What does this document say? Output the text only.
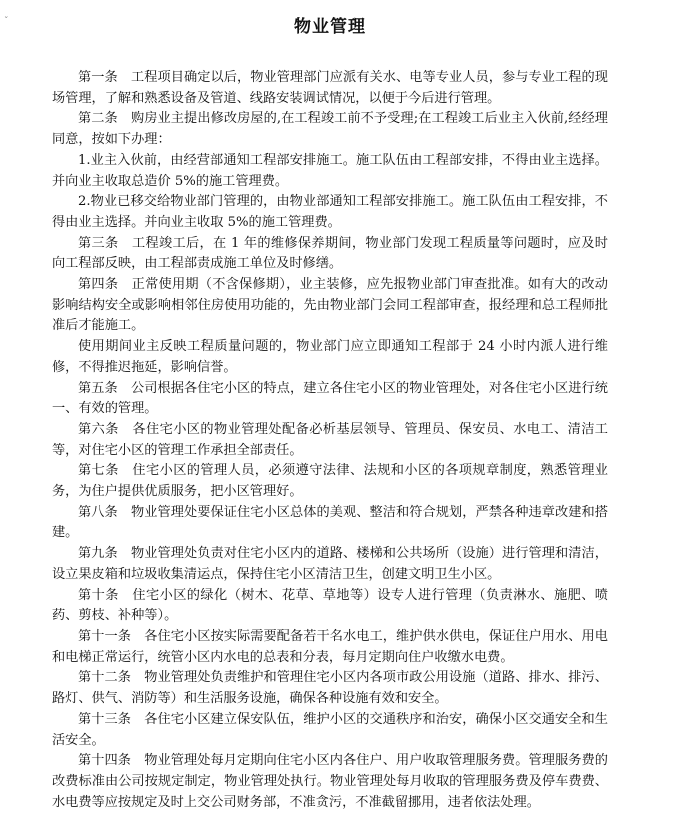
ˇ	物业管理

第一条　工程项目确定以后，物业管理部门应派有关水、电等专业人员，参与专业工程的现场管理，了解和熟悉设备及管道、线路安装调试情况，以便于今后进行管理。

第二条　购房业主提出修改房屋的,在工程竣工前不予受理;在工程竣工后业主入伙前,经经理同意，按如下办理：

1.业主入伙前，由经营部通知工程部安排施工。施工队伍由工程部安排，不得由业主选择。并向业主收取总造价 5%的施工管理费。

2.物业已移交给物业部门管理的，由物业部通知工程部安排施工。施工队伍由工程安排，不得由业主选择。并向业主收取 5%的施工管理费。

第三条　工程竣工后，在 1 年的维修保养期间，物业部门发现工程质量等问题时，应及时向工程部反映，由工程部责成施工单位及时修缮。

第四条　正常使用期（不含保修期），业主装修，应先报物业部门审查批准。如有大的改动影响结构安全或影响相邻住房使用功能的，先由物业部门会同工程部审查，报经理和总工程师批准后才能施工。

使用期间业主反映工程质量问题的，物业部门应立即通知工程部于 24 小时内派人进行维修，不得推迟拖延，影响信誉。

第五条　公司根据各住宅小区的特点，建立各住宅小区的物业管理处，对各住宅小区进行统一、有效的管理。

第六条　各住宅小区的物业管理处配备必析基层领导、管理员、保安员、水电工、清洁工等，对住宅小区的管理工作承担全部责任。

第七条　住宅小区的管理人员，必须遵守法律、法规和小区的各项规章制度，熟悉管理业务，为住户提供优质服务，把小区管理好。

第八条　物业管理处要保证住宅小区总体的美观、整洁和符合规划，严禁各种违章改建和搭建。

第九条　物业管理处负责对住宅小区内的道路、楼梯和公共场所（设施）进行管理和清洁，设立果皮箱和垃圾收集清运点，保持住宅小区清洁卫生，创建文明卫生小区。

第十条　住宅小区的绿化（树木、花草、草地等）设专人进行管理（负责淋水、施肥、喷药、剪枝、补种等）。

第十一条　各住宅小区按实际需要配备若干名水电工，维护供水供电，保证住户用水、用电和电梯正常运行，统管小区内水电的总表和分表，每月定期向住户收缴水电费。

第十二条　物业管理处负责维护和管理住宅小区内各项市政公用设施（道路、排水、排污、路灯、供气、消防等）和生活服务设施，确保各种设施有效和安全。

第十三条　各住宅小区建立保安队伍，维护小区的交通秩序和治安，确保小区交通安全和生活安全。

第十四条　物业管理处每月定期向住宅小区内各住户、用户收取管理服务费。管理服务费的改费标准由公司按规定制定，物业管理处执行。物业管理处每月收取的管理服务费及停车费费、水电费等应按规定及时上交公司财务部，不准贪污，不准截留挪用，违者依法处理。
